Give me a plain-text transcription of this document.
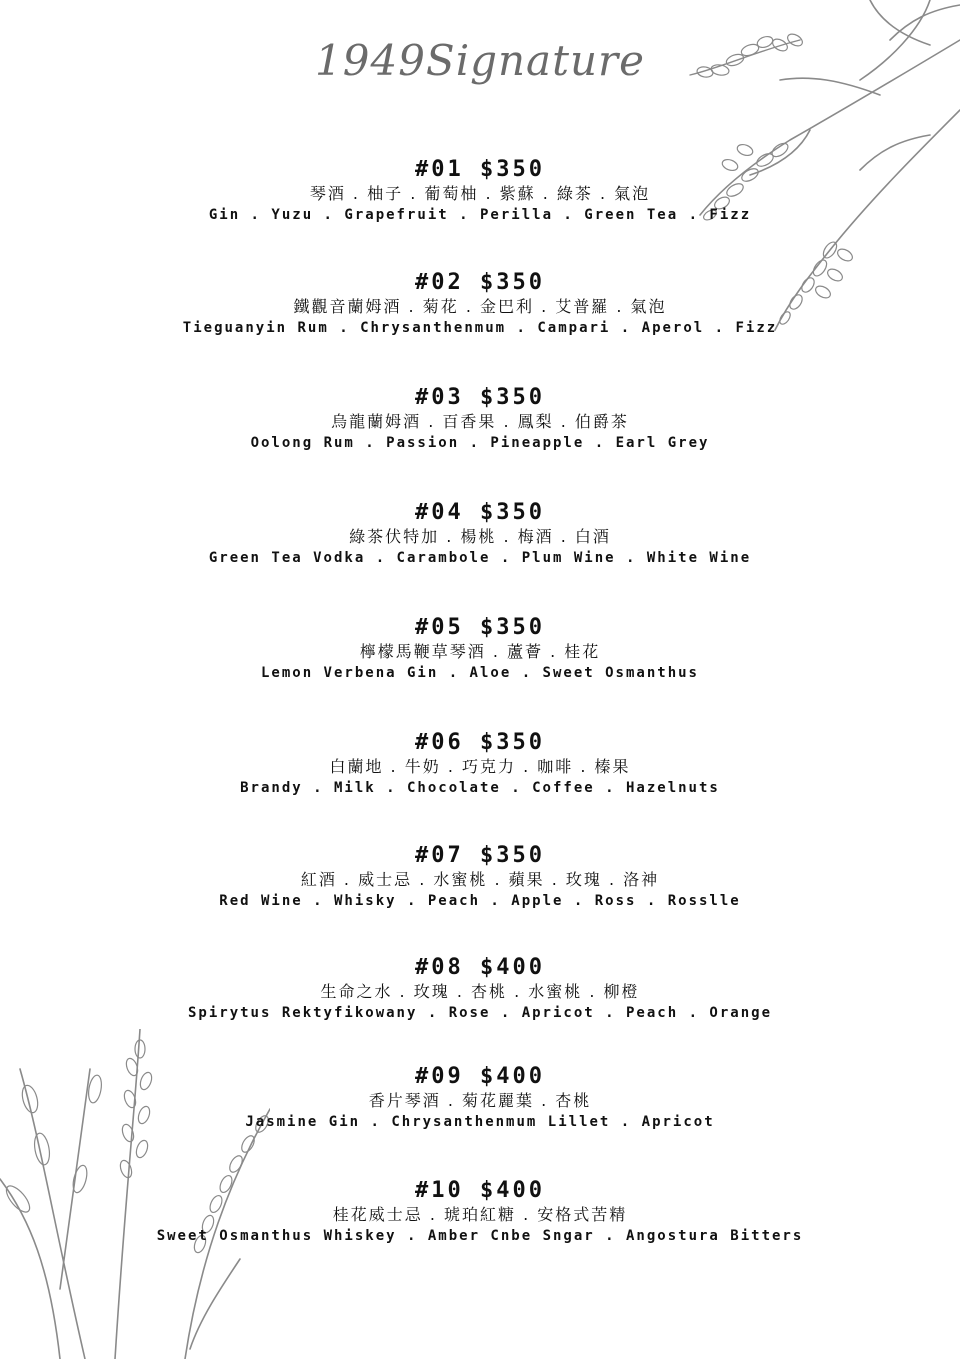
1949Signature
#01 $350
琴酒 . 柚子 . 葡萄柚 . 紫蘇 . 綠茶 . 氣泡
Gin . Yuzu . Grapefruit . Perilla . Green Tea . Fizz
#02 $350
鐵觀音蘭姆酒 . 菊花 . 金巴利 . 艾普羅 . 氣泡
Tieguanyin Rum . Chrysanthenmum . Campari . Aperol . Fizz
#03 $350
烏龍蘭姆酒 . 百香果 . 鳳梨 . 伯爵茶
Oolong Rum . Passion . Pineapple . Earl Grey
#04 $350
綠茶伏特加 . 楊桃 . 梅酒 . 白酒
Green Tea Vodka . Carambole . Plum Wine . White Wine
#05 $350
檸檬馬鞭草琴酒 . 蘆薈 . 桂花
Lemon Verbena Gin . Aloe . Sweet Osmanthus
#06 $350
白蘭地 . 牛奶 . 巧克力 . 咖啡 . 榛果
Brandy . Milk . Chocolate . Coffee . Hazelnuts
#07 $350
紅酒 . 威士忌 . 水蜜桃 . 蘋果 . 玫瑰 . 洛神
Red Wine . Whisky . Peach . Apple . Ross . Rosslle
#08 $400
生命之水 . 玫瑰 . 杏桃 . 水蜜桃 . 柳橙
Spirytus Rektyfikowany . Rose . Apricot . Peach . Orange
#09 $400
香片琴酒 . 菊花麗葉 . 杏桃
Jasmine Gin . Chrysanthenmum Lillet . Apricot
#10 $400
桂花威士忌 . 琥珀紅糖 . 安格式苦精
Sweet Osmanthus Whiskey . Amber Cnbe Sngar . Angostura Bitters
